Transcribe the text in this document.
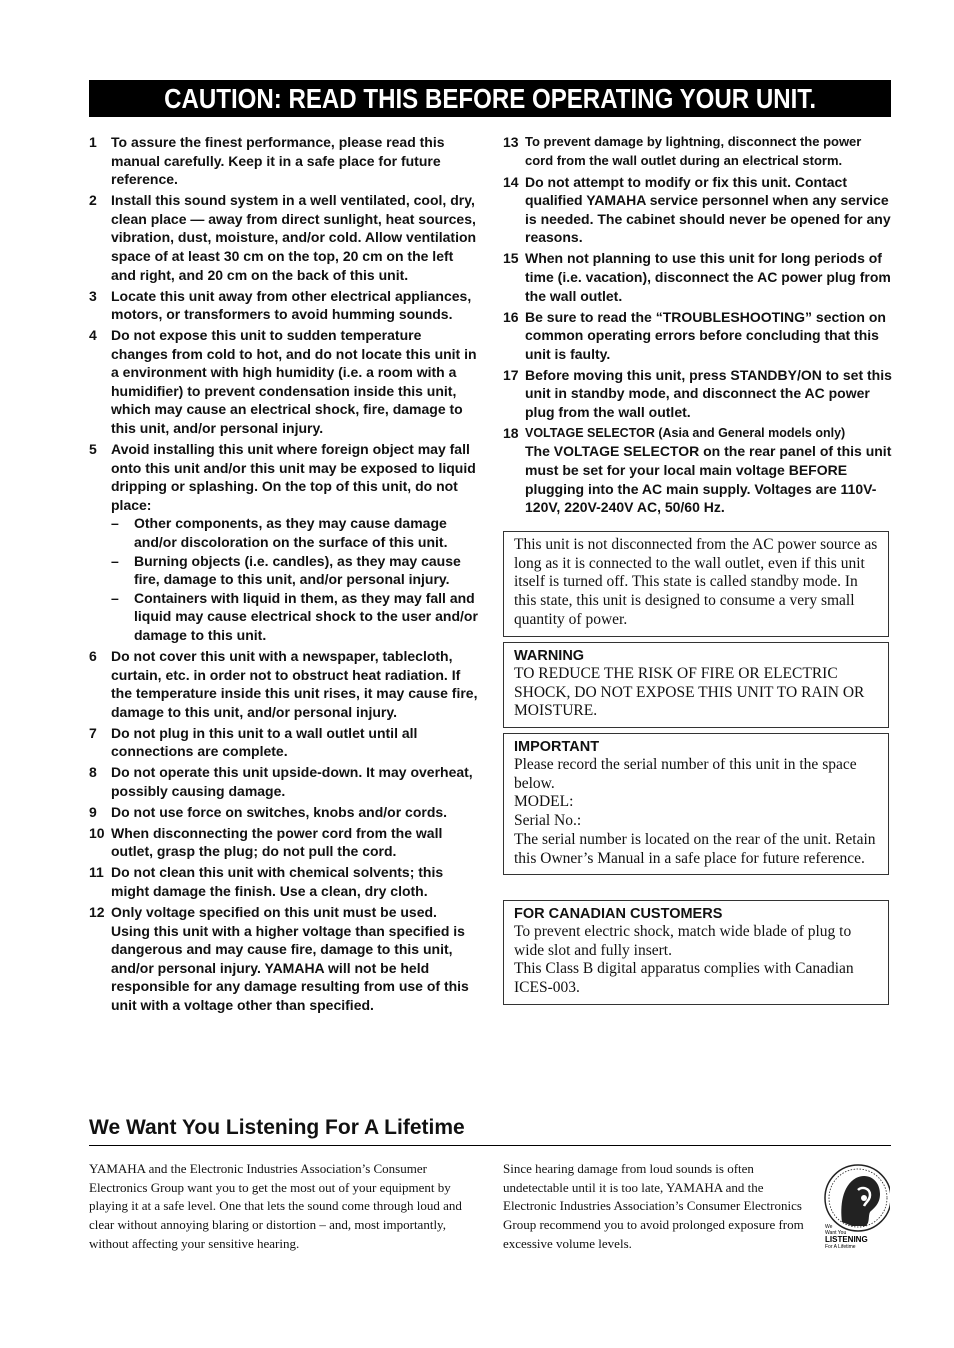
CAUTION: READ THIS BEFORE OPERATING YOUR UNIT.
1	To assure the finest performance, please read this manual carefully. Keep it in a safe place for future reference.
2	Install this sound system in a well ventilated, cool, dry, clean place — away from direct sunlight, heat sources, vibration, dust, moisture, and/or cold. Allow ventilation space of at least 30 cm on the top, 20 cm on the left and right, and 20 cm on the back of this unit.
3	Locate this unit away from other electrical appliances, motors, or transformers to avoid humming sounds.
4	Do not expose this unit to sudden temperature changes from cold to hot, and do not locate this unit in a environment with high humidity (i.e. a room with a humidifier) to prevent condensation inside this unit, which may cause an electrical shock, fire, damage to this unit, and/or personal injury.
5	Avoid installing this unit where foreign object may fall onto this unit and/or this unit may be exposed to liquid dripping or splashing. On the top of this unit, do not place:
–	Other components, as they may cause damage and/or discoloration on the surface of this unit.
–	Burning objects (i.e. candles), as they may cause fire, damage to this unit, and/or personal injury.
–	Containers with liquid in them, as they may fall and liquid may cause electrical shock to the user and/or damage to this unit.
6	Do not cover this unit with a newspaper, tablecloth, curtain, etc. in order not to obstruct heat radiation. If the temperature inside this unit rises, it may cause fire, damage to this unit, and/or personal injury.
7	Do not plug in this unit to a wall outlet until all connections are complete.
8	Do not operate this unit upside-down. It may overheat, possibly causing damage.
9	Do not use force on switches, knobs and/or cords.
10 When disconnecting the power cord from the wall outlet, grasp the plug; do not pull the cord.
11 Do not clean this unit with chemical solvents; this might damage the finish. Use a clean, dry cloth.
12 Only voltage specified on this unit must be used. Using this unit with a higher voltage than specified is dangerous and may cause fire, damage to this unit, and/or personal injury. YAMAHA will not be held responsible for any damage resulting from use of this unit with a voltage other than specified.
13 To prevent damage by lightning, disconnect the power cord from the wall outlet during an electrical storm.
14 Do not attempt to modify or fix this unit. Contact qualified YAMAHA service personnel when any service is needed. The cabinet should never be opened for any reasons.
15 When not planning to use this unit for long periods of time (i.e. vacation), disconnect the AC power plug from the wall outlet.
16 Be sure to read the “TROUBLESHOOTING” section on common operating errors before concluding that this unit is faulty.
17 Before moving this unit, press STANDBY/ON to set this unit in standby mode, and disconnect the AC power plug from the wall outlet.
18 VOLTAGE SELECTOR (Asia and General models only)
The VOLTAGE SELECTOR on the rear panel of this unit must be set for your local main voltage BEFORE plugging into the AC main supply. Voltages are 110V-120V, 220V-240V AC, 50/60 Hz.
This unit is not disconnected from the AC power source as long as it is connected to the wall outlet, even if this unit itself is turned off. This state is called standby mode. In this state, this unit is designed to consume a very small quantity of power.
WARNING
TO REDUCE THE RISK OF FIRE OR ELECTRIC SHOCK, DO NOT EXPOSE THIS UNIT TO RAIN OR MOISTURE.
IMPORTANT
Please record the serial number of this unit in the space below.
MODEL:
Serial No.:
The serial number is located on the rear of the unit. Retain this Owner’s Manual in a safe place for future reference.
FOR CANADIAN CUSTOMERS
To prevent electric shock, match wide blade of plug to wide slot and fully insert.
This Class B digital apparatus complies with Canadian ICES-003.
We Want You Listening For A Lifetime
YAMAHA and the Electronic Industries Association’s Consumer Electronics Group want you to get the most out of your equipment by playing it at a safe level. One that lets the sound come through loud and clear without annoying blaring or distortion – and, most importantly, without affecting your sensitive hearing.
Since hearing damage from loud sounds is often undetectable until it is too late, YAMAHA and the Electronic Industries Association’s Consumer Electronics Group recommend you to avoid prolonged exposure from excessive volume levels.
We
Want You
LISTENING
For A Lifetime
